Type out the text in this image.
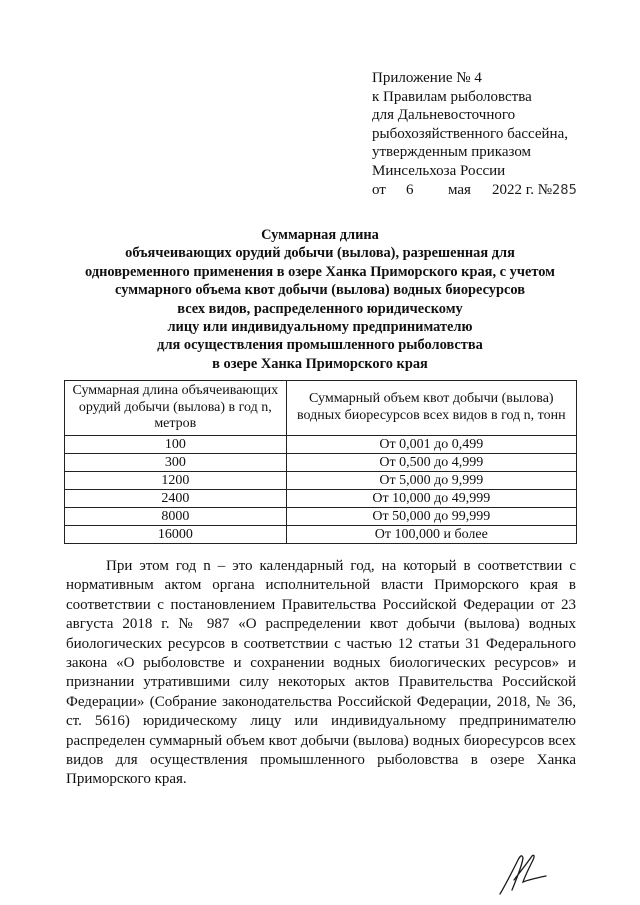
Приложение № 4
к Правилам рыболовства
для Дальневосточного
рыбохозяйственного бассейна,
утвержденным приказом
Минсельхоза России
от 6 мая 2022 г. №285
Суммарная длина
объячеивающих орудий добычи (вылова), разрешенная для
одновременного применения в озере Ханка Приморского края, с учетом
суммарного объема квот добычи (вылова) водных биоресурсов
всех видов, распределенного юридическому
лицу или индивидуальному предпринимателю
для осуществления промышленного рыболовства
в озере Ханка Приморского края
Суммарная длина объячеивающих орудий добычи (вылова) в год n, метров	Суммарный объем квот добычи (вылова) водных биоресурсов всех видов в год n, тонн
100	От 0,001 до 0,499
300	От 0,500 до 4,999
1200	От 5,000 до 9,999
2400	От 10,000 до 49,999
8000	От 50,000 до 99,999
16000	От 100,000 и более
При этом год n – это календарный год, на который в соответствии с нормативным актом органа исполнительной власти Приморского края в соответствии с постановлением Правительства Российской Федерации от 23 августа 2018 г. № 987 «О распределении квот добычи (вылова) водных биологических ресурсов в соответствии с частью 12 статьи 31 Федерального закона «О рыболовстве и сохранении водных биологических ресурсов» и признании утратившими силу некоторых актов Правительства Российской Федерации» (Собрание законодательства Российской Федерации, 2018, № 36, ст. 5616) юридическому лицу или индивидуальному предпринимателю распределен суммарный объем квот добычи (вылова) водных биоресурсов всех видов для осуществления промышленного рыболовства в озере Ханка Приморского края.
